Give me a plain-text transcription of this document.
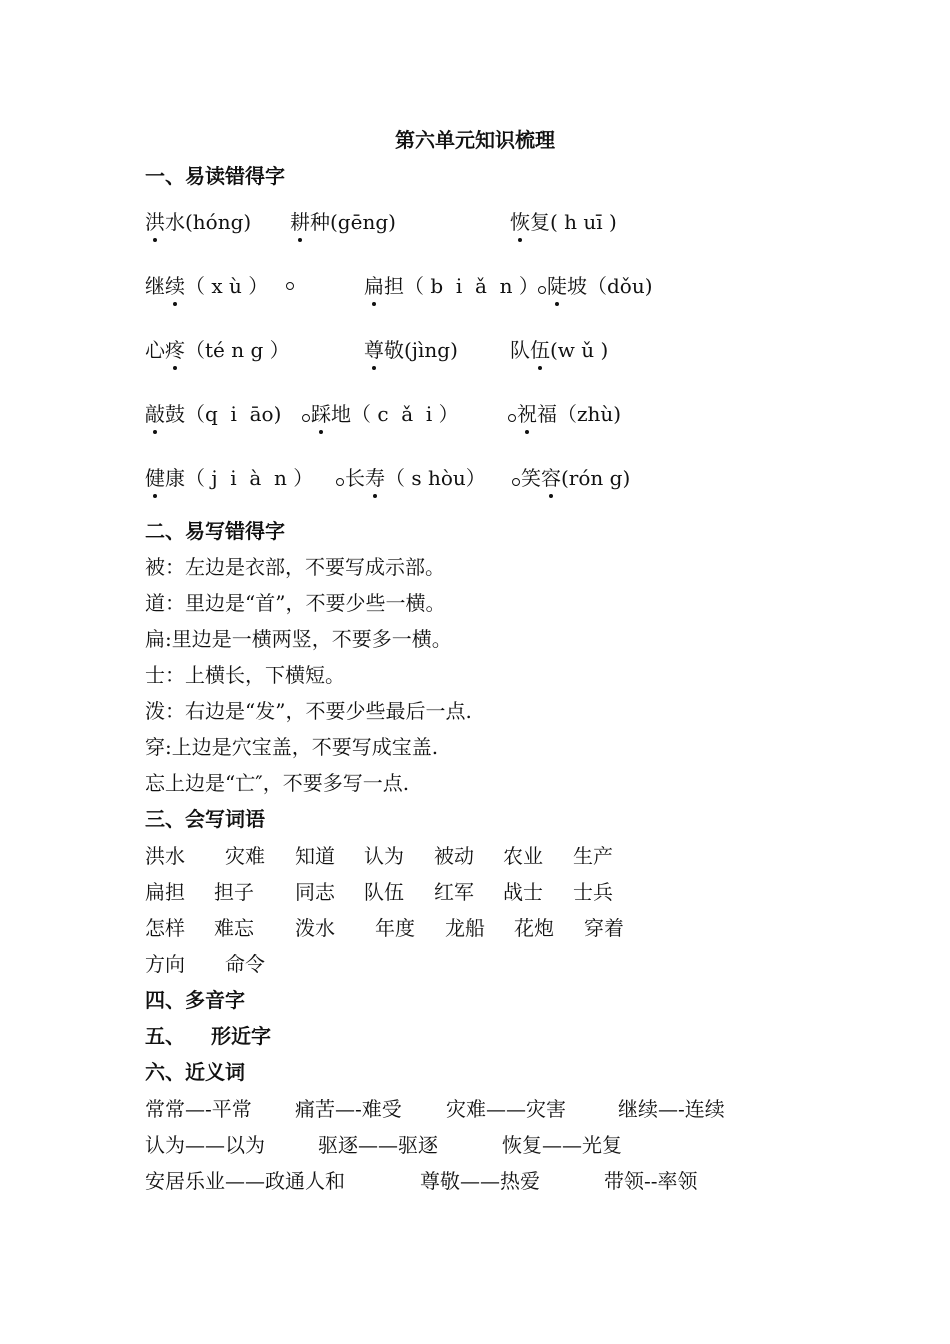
第六单元知识梳理
一、易读错得字
洪水(hóng) 耕种(gēng)	恢复( h uī )
继续（ x ù ）	扁担（ b  i  ǎ  n ） 陡坡（dǒu)
心疼（té n g ）	尊敬(jìng)	队伍(w ǔ )
敲鼓（q  i  āo)	踩地（ c  ǎ  i ）	祝福（zhù)
健康（ j  i  à  n ）	长寿（ s hòu）	笑容(rón g)
二、易写错得字
被：左边是衣部，不要写成示部。
道：里边是“首”，不要少些一横。
扁:里边是一横两竖，不要多一横。
士：上横长，下横短。
泼：右边是“发”，不要少些最后一点.
穿:上边是穴宝盖，不要写成宝盖.
忘上边是“亡″，不要多写一点.
三、会写词语
洪水 灾难 知道 认为 被动 农业 生产
扁担 担子 同志 队伍 红军 战士 士兵
怎样 难忘 泼水 年度 龙船 花炮 穿着
方向 命令
四、多音字
五、 形近字
六、近义词
常常—-平常 痛苦—-难受 灾难——灾害	继续—-连续
认为——以为	驱逐——驱逐	恢复——光复
安居乐业——政通人和	尊敬——热爱	带领--率领
